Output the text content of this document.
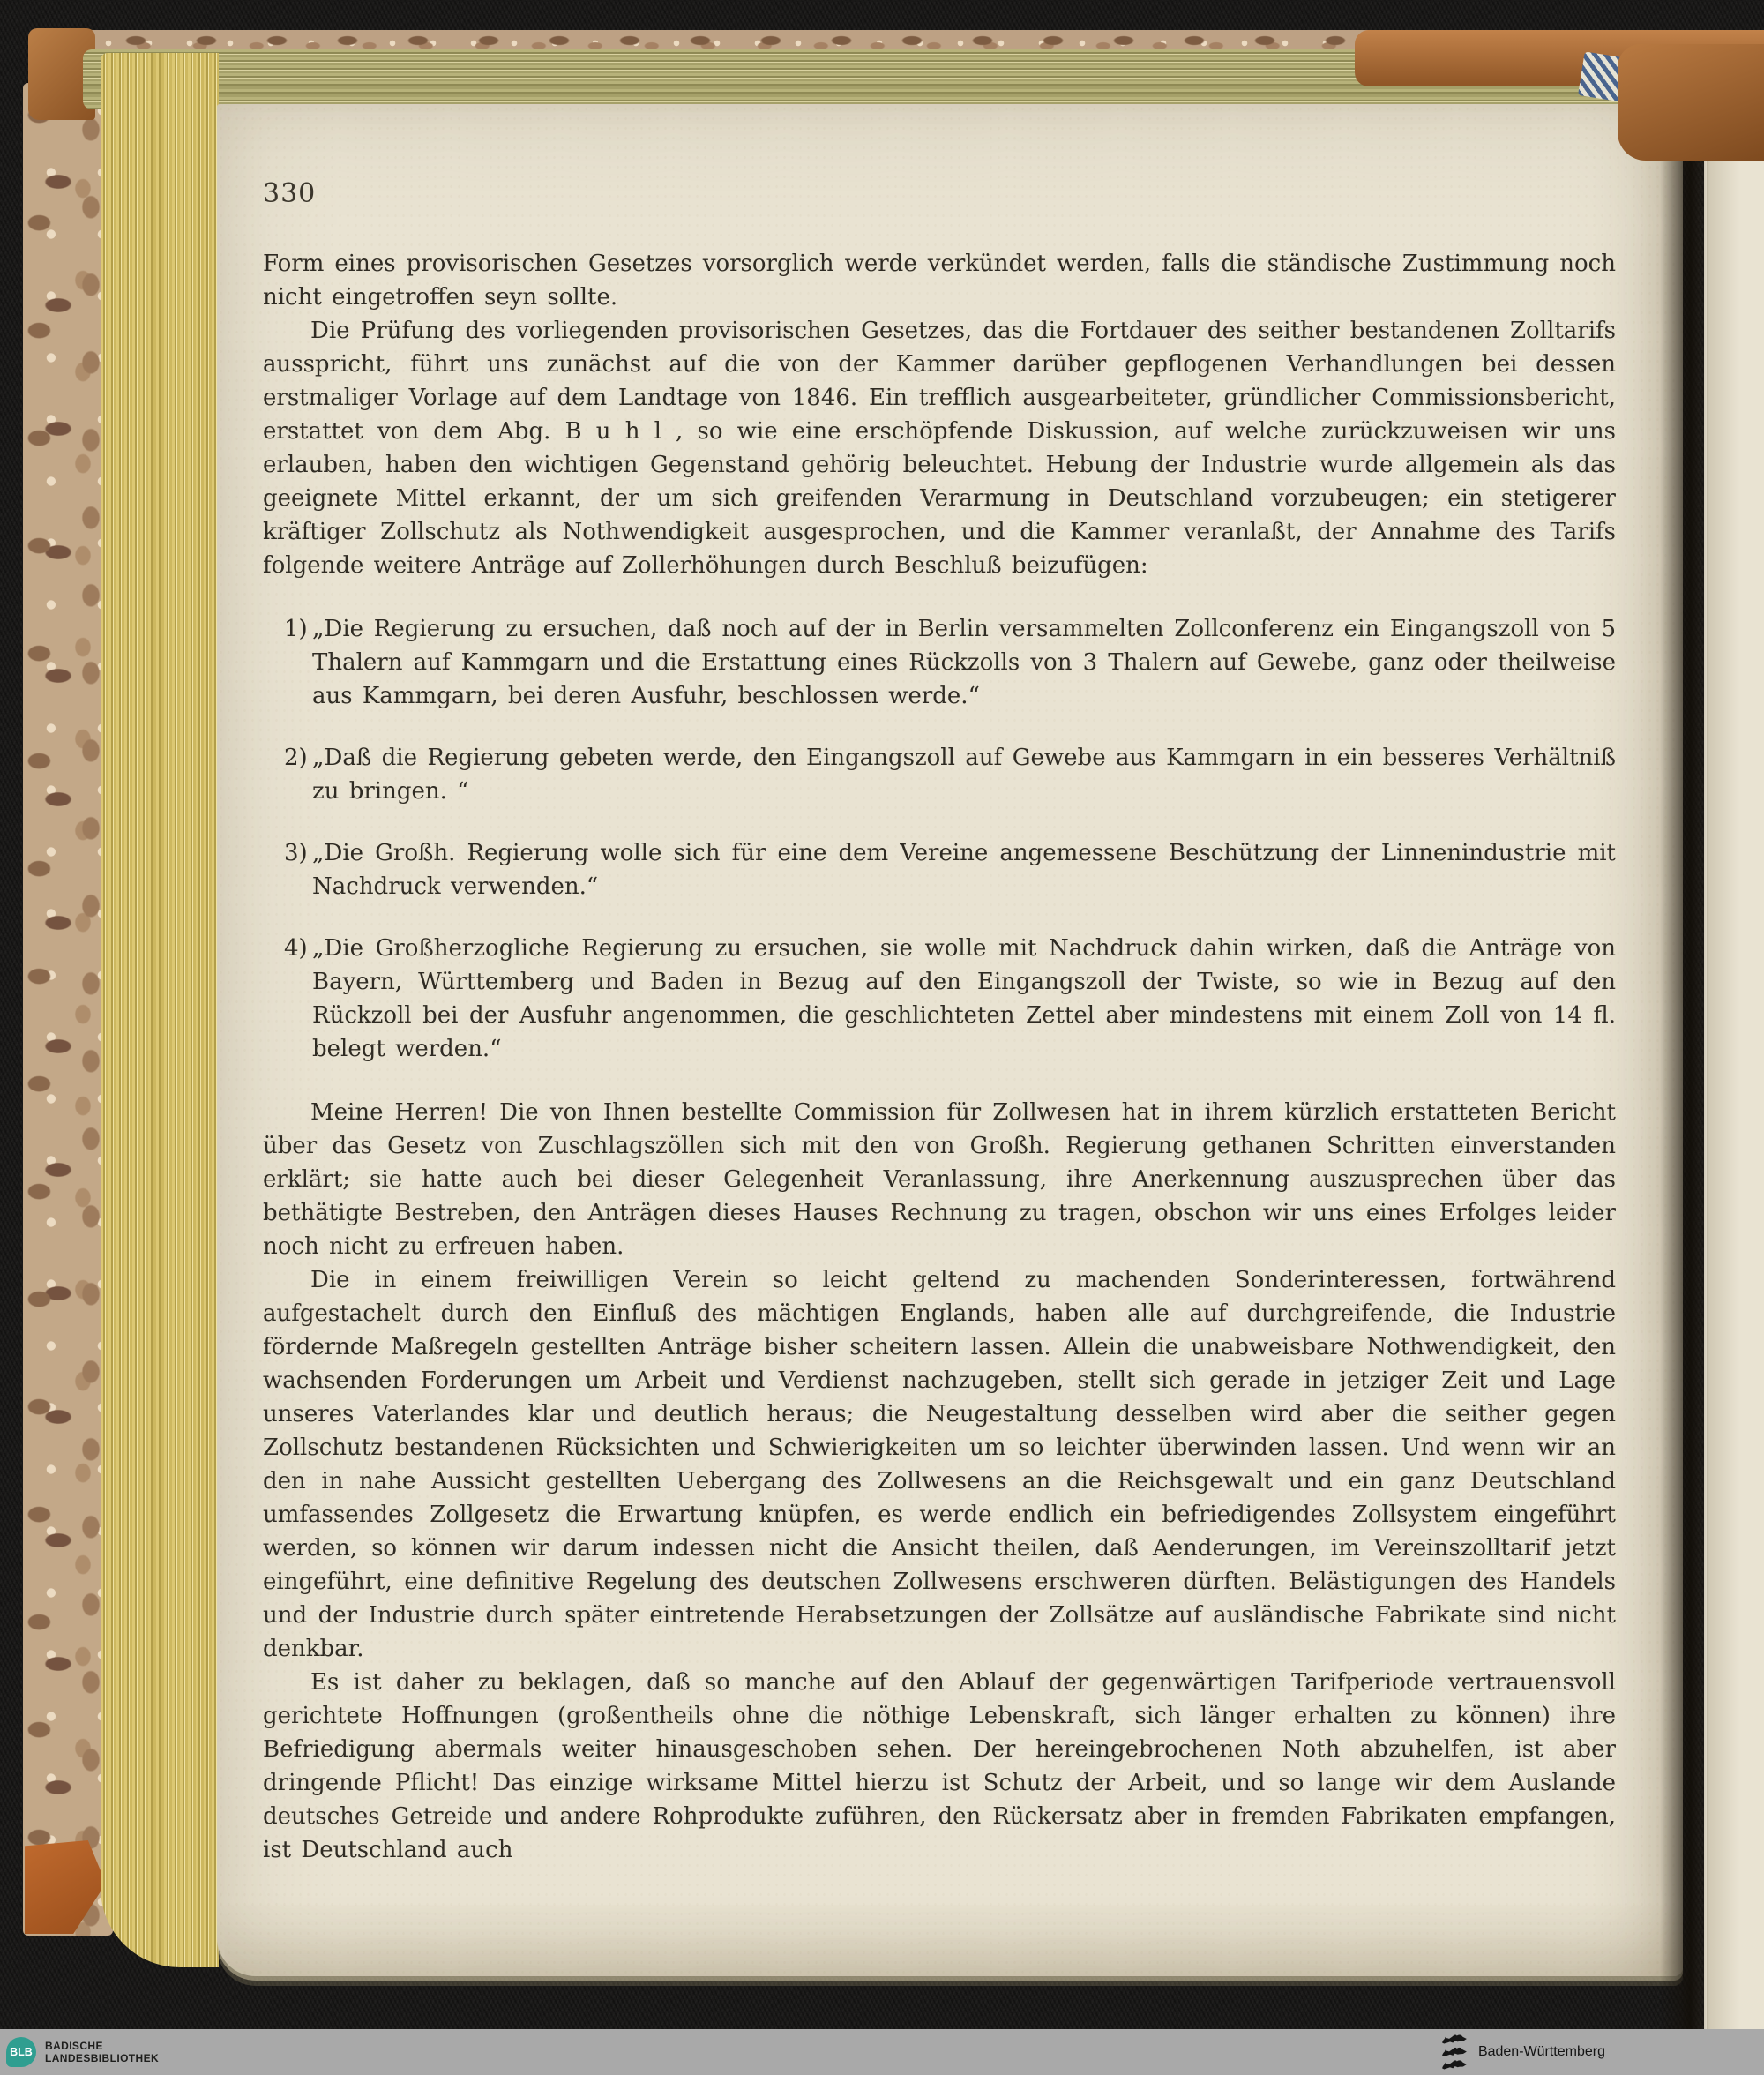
330

Form eines provisorischen Gesetzes vorsorglich werde verkündet werden, falls die ständische Zustimmung noch nicht eingetroffen seyn sollte.

Die Prüfung des vorliegenden provisorischen Gesetzes, das die Fortdauer des seither bestandenen Zolltarifs ausspricht, führt uns zunächst auf die von der Kammer darüber gepflogenen Verhandlungen bei dessen erstmaliger Vorlage auf dem Landtage von 1846. Ein trefflich ausgearbeiteter, gründlicher Commissionsbericht, erstattet von dem Abg. B u h l , so wie eine erschöpfende Diskussion, auf welche zurückzuweisen wir uns erlauben, haben den wichtigen Gegenstand gehörig beleuchtet. Hebung der Industrie wurde allgemein als das geeignete Mittel erkannt, der um sich greifenden Verarmung in Deutschland vorzubeugen; ein stetigerer kräftiger Zollschutz als Nothwendigkeit ausgesprochen, und die Kammer veranlaßt, der Annahme des Tarifs folgende weitere Anträge auf Zollerhöhungen durch Beschluß beizufügen:

1) „Die Regierung zu ersuchen, daß noch auf der in Berlin versammelten Zollconferenz ein Eingangszoll von 5 Thalern auf Kammgarn und die Erstattung eines Rückzolls von 3 Thalern auf Gewebe, ganz oder theilweise aus Kammgarn, bei deren Ausfuhr, beschlossen werde.“
2) „Daß die Regierung gebeten werde, den Eingangszoll auf Gewebe aus Kammgarn in ein besseres Verhältniß zu bringen. “
3) „Die Großh. Regierung wolle sich für eine dem Vereine angemessene Beschützung der Linnenindustrie mit Nachdruck verwenden.“
4) „Die Großherzogliche Regierung zu ersuchen, sie wolle mit Nachdruck dahin wirken, daß die Anträge von Bayern, Württemberg und Baden in Bezug auf den Eingangszoll der Twiste, so wie in Bezug auf den Rückzoll bei der Ausfuhr angenommen, die geschlichteten Zettel aber mindestens mit einem Zoll von 14 fl. belegt werden.“

Meine Herren! Die von Ihnen bestellte Commission für Zollwesen hat in ihrem kürzlich erstatteten Bericht über das Gesetz von Zuschlagszöllen sich mit den von Großh. Regierung gethanen Schritten einverstanden erklärt; sie hatte auch bei dieser Gelegenheit Veranlassung, ihre Anerkennung auszusprechen über das bethätigte Bestreben, den Anträgen dieses Hauses Rechnung zu tragen, obschon wir uns eines Erfolges leider noch nicht zu erfreuen haben.

Die in einem freiwilligen Verein so leicht geltend zu machenden Sonderinteressen, fortwährend aufgestachelt durch den Einfluß des mächtigen Englands, haben alle auf durchgreifende, die Industrie fördernde Maßregeln gestellten Anträge bisher scheitern lassen. Allein die unabweisbare Nothwendigkeit, den wachsenden Forderungen um Arbeit und Verdienst nachzugeben, stellt sich gerade in jetziger Zeit und Lage unseres Vaterlandes klar und deutlich heraus; die Neugestaltung desselben wird aber die seither gegen Zollschutz bestandenen Rücksichten und Schwierigkeiten um so leichter überwinden lassen. Und wenn wir an den in nahe Aussicht gestellten Uebergang des Zollwesens an die Reichsgewalt und ein ganz Deutschland umfassendes Zollgesetz die Erwartung knüpfen, es werde endlich ein befriedigendes Zollsystem eingeführt werden, so können wir darum indessen nicht die Ansicht theilen, daß Aenderungen, im Vereinszolltarif jetzt eingeführt, eine definitive Regelung des deutschen Zollwesens erschweren dürften. Belästigungen des Handels und der Industrie durch später eintretende Herabsetzungen der Zollsätze auf ausländische Fabrikate sind nicht denkbar.

Es ist daher zu beklagen, daß so manche auf den Ablauf der gegenwärtigen Tarifperiode vertrauensvoll gerichtete Hoffnungen (großentheils ohne die nöthige Lebenskraft, sich länger erhalten zu können) ihre Befriedigung abermals weiter hinausgeschoben sehen. Der hereingebrochenen Noth abzuhelfen, ist aber dringende Pflicht! Das einzige wirksame Mittel hierzu ist Schutz der Arbeit, und so lange wir dem Auslande deutsches Getreide und andere Rohprodukte zuführen, den Rückersatz aber in fremden Fabrikaten empfangen, ist Deutschland auch

BLB
BADISCHE
LANDESBIBLIOTHEK	Baden-Württemberg
